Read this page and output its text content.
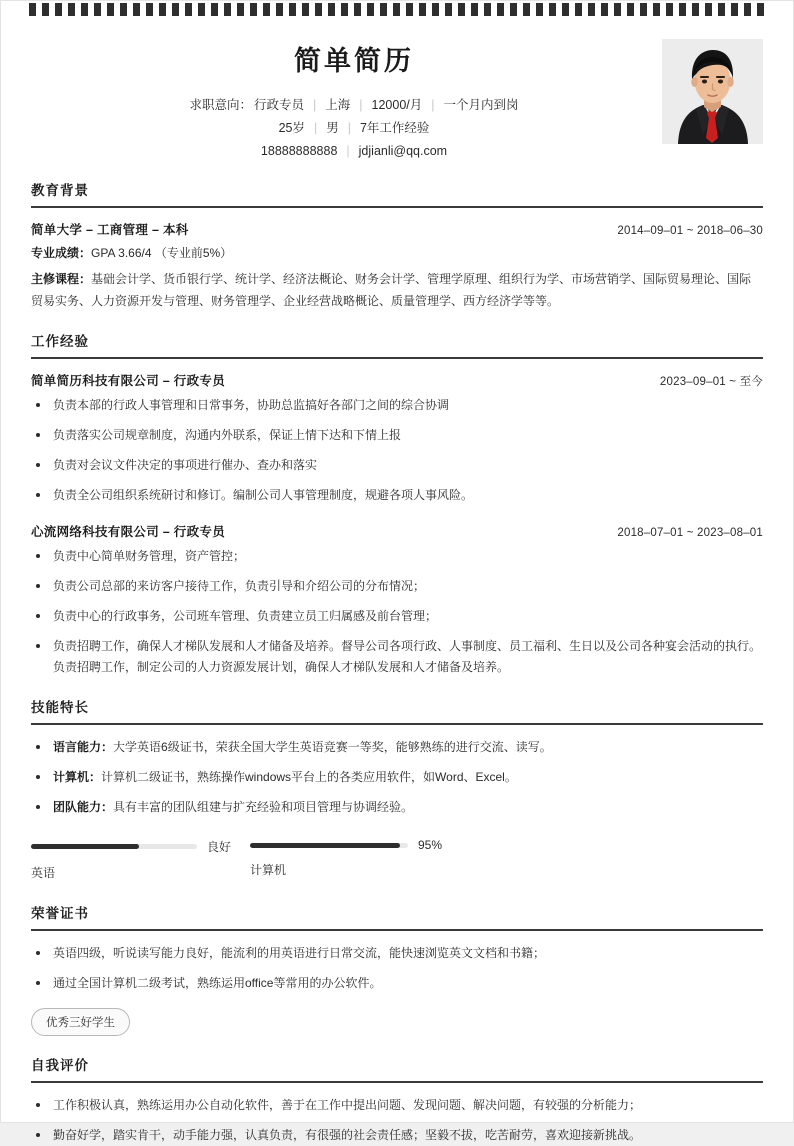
简单简历
求职意向： 行政专员 | 上海 | 12000/月 | 一个月内到岗
25岁 | 男 | 7年工作经验
18888888888 | jdjianli@qq.com
教育背景
简单大学 – 工商管理 – 本科	2014–09–01 ~ 2018–06–30
专业成绩：GPA 3.66/4 （专业前5%）
主修课程：基础会计学、货币银行学、统计学、经济法概论、财务会计学、管理学原理、组织行为学、市场营销学、国际贸易理论、国际贸易实务、人力资源开发与管理、财务管理学、企业经营战略概论、质量管理学、西方经济学等等。
工作经验
简单简历科技有限公司 – 行政专员	2023–09–01 ~ 至今
负责本部的行政人事管理和日常事务，协助总监搞好各部门之间的综合协调
负责落实公司规章制度，沟通内外联系，保证上情下达和下情上报
负责对会议文件决定的事项进行催办、查办和落实
负责全公司组织系统研讨和修订。编制公司人事管理制度，规避各项人事风险。
心流网络科技有限公司 – 行政专员	2018–07–01 ~ 2023–08–01
负责中心简单财务管理，资产管控；
负责公司总部的来访客户接待工作，负责引导和介绍公司的分布情况；
负责中心的行政事务，公司班车管理、负责建立员工归属感及前台管理；
负责招聘工作，确保人才梯队发展和人才储备及培养。督导公司各项行政、人事制度、员工福利、生日以及公司各种宴会活动的执行。负责招聘工作，制定公司的人力资源发展计划，确保人才梯队发展和人才储备及培养。
技能特长
语言能力：大学英语6级证书，荣获全国大学生英语竞赛一等奖，能够熟练的进行交流、读写。
计算机：计算机二级证书，熟练操作windows平台上的各类应用软件，如Word、Excel。
团队能力：具有丰富的团队组建与扩充经验和项目管理与协调经验。
良好
英语
95%
计算机
荣誉证书
英语四级，听说读写能力良好，能流利的用英语进行日常交流，能快速浏览英文文档和书籍；
通过全国计算机二级考试，熟练运用office等常用的办公软件。
优秀三好学生
自我评价
工作积极认真，熟练运用办公自动化软件，善于在工作中提出问题、发现问题、解决问题，有较强的分析能力；
勤奋好学，踏实肯干，动手能力强，认真负责，有很强的社会责任感；坚毅不拔，吃苦耐劳，喜欢迎接新挑战。
